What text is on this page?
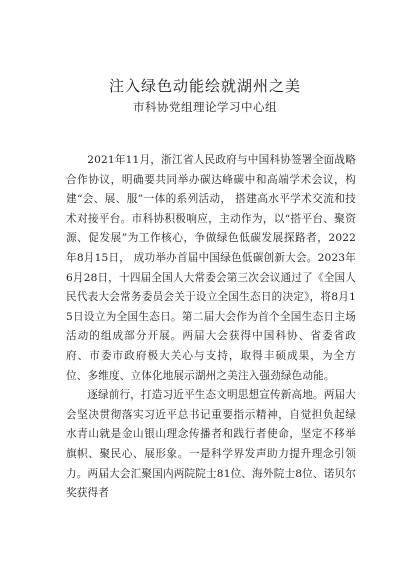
注入绿色动能绘就湖州之美
市科协党组理论学习中心组

2021年11月，浙江省人民政府与中国科协签署全面战略合作协议，明确要共同举办碳达峰碳中和高端学术会议，构建“会、展、服”一体的系列活动， 搭建高水平学术交流和技术对接平台。市科协积极响应，主动作为，以“搭平台、聚资源、促发展”为工作核心，争做绿色低碳发展探路者，2022年8月15日， 成功举办首届中国绿色低碳创新大会。2023年6月28日，十四届全国人大常委会第三次会议通过了《全国人民代表大会常务委员会关于设立全国生态日的决定》，将8月15日设立为全国生态日。第二届大会作为首个全国生态日主场活动的组成部分开展。两届大会获得中国科协、省委省政府、市委市政府极大关心与支持，取得丰硕成果，为全方位、多维度、立体化地展示湖州之美注入强劲绿色动能。

逐绿前行，打造习近平生态文明思想宣传新高地。两届大会坚决贯彻落实习近平总书记重要指示精神，自觉担负起绿水青山就是金山银山理念传播者和践行者使命，坚定不移举旗帜、聚民心、展形象。一是科学界发声助力提升理念引领力。两届大会汇聚国内两院院士81位、海外院士8位、诺贝尔奖获得者
